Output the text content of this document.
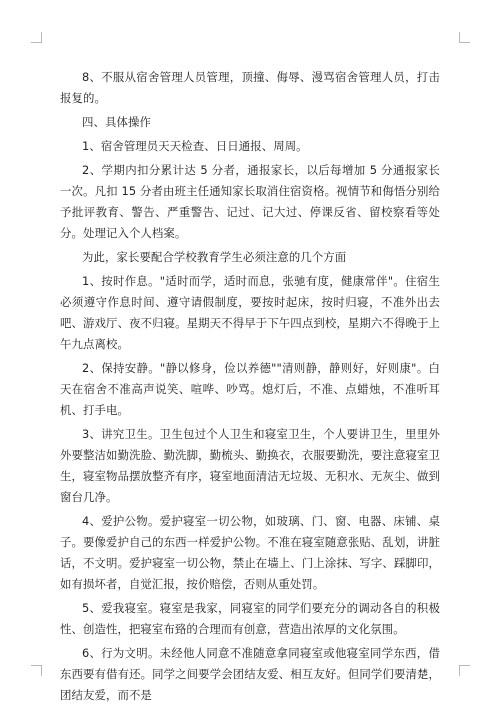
8、不服从宿舍管理人员管理，顶撞、侮辱、漫骂宿舍管理人员，打击报复的。

四、具体操作

1、宿舍管理员天天检查、日日通报、周周。

2、学期内扣分累计达 5 分者，通报家长，以后每增加 5 分通报家长一次。凡扣 15 分者由班主任通知家长取消住宿资格。视情节和侮悟分别给予批评教育、警告、严重警告、记过、记大过、停课反省、留校察看等处分。处理记入个人档案。

为此，家长要配合学校教育学生必须注意的几个方面

1、按时作息。"适时而学，适时而息，张驰有度，健康常伴"。住宿生必须遵守作息时间、遵守请假制度，要按时起床，按时归寝，不准外出去吧、游戏厅、夜不归寝。星期天不得早于下午四点到校，星期六不得晚于上午九点离校。

2、保持安静。"静以修身，俭以养德""清则静，静则好，好则康"。白天在宿舍不准高声说笑、喧哗、吵骂。熄灯后，不准、点蜡烛，不准听耳机、打手电。

3、讲究卫生。卫生包过个人卫生和寝室卫生，个人要讲卫生，里里外外要整洁如勤洗脸、勤洗脚，勤梳头、勤换衣，衣服要勤洗，要注意寝室卫生，寝室物品摆放整齐有序，寝室地面清洁无垃圾、无积水、无灰尘、做到窗台几净。

4、爱护公物。爱护寝室一切公物，如玻璃、门、窗、电器、床铺、桌子。要像爱护自己的东西一样爱护公物。不准在寝室随意张贴、乱划，讲脏话，不文明。爱护寝室一切公物，禁止在墙上、门上涂抹、写字、踩脚印，如有损坏者，自觉汇报，按价赔偿，否则从重处罚。

5、爱我寝室。寝室是我家，同寝室的同学们要充分的调动各自的积极性、创造性，把寝室布臵的合理而有创意，营造出浓厚的文化氛围。

6、行为文明。未经他人同意不准随意拿同寝室或他寝室同学东西，借东西要有借有还。同学之间要学会团结友爱、相互友好。但同学们要清楚，团结友爱，而不是
